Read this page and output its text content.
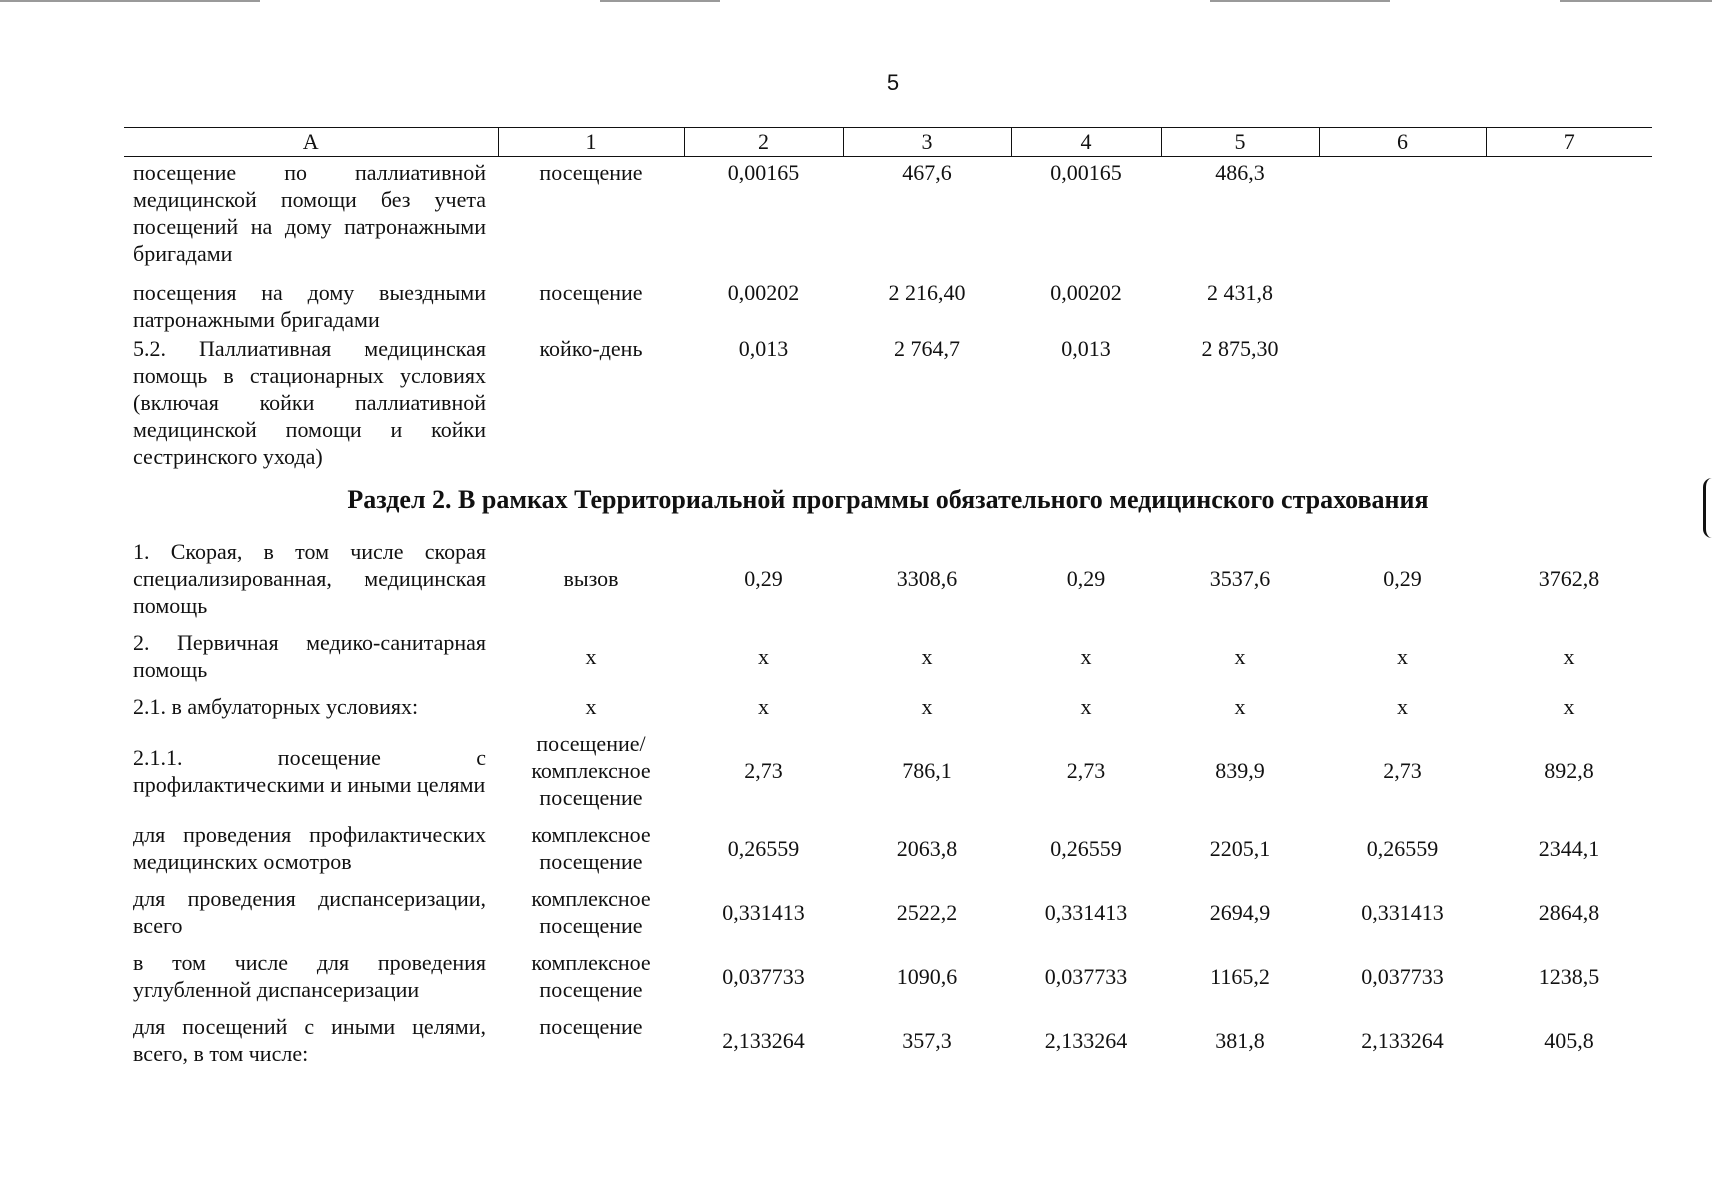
5
А	1	2	3	4	5	6	7
посещение по паллиативной медицинской помощи без учета посещений на дому патронажными бригадами	посещение	0,00165	467,6	0,00165	486,3		
посещения на дому выездными патронажными бригадами	посещение	0,00202	2 216,40	0,00202	2 431,8		
5.2. Паллиативная медицинская помощь в стационарных условиях (включая койки паллиативной медицинской помощи и койки сестринского ухода)	койко-день	0,013	2 764,7	0,013	2 875,30		
Раздел 2. В рамках Территориальной программы обязательного медицинского страхования							
1. Скорая, в том числе скорая специализированная, медицинская помощь	вызов	0,29	3308,6	0,29	3537,6	0,29	3762,8
2. Первичная медико-санитарная помощь	х	х	х	х	х	х	х
2.1. в амбулаторных условиях:	х	х	х	х	х	х	х
2.1.1. посещение с профилактическими и иными целями	посещение/ комплексное посещение	2,73	786,1	2,73	839,9	2,73	892,8
для проведения профилактических медицинских осмотров	комплексное посещение	0,26559	2063,8	0,26559	2205,1	0,26559	2344,1
для проведения диспансеризации, всего	комплексное посещение	0,331413	2522,2	0,331413	2694,9	0,331413	2864,8
в том числе для проведения углубленной диспансеризации	комплексное посещение	0,037733	1090,6	0,037733	1165,2	0,037733	1238,5
для посещений с иными целями, всего, в том числе:	посещение	2,133264	357,3	2,133264	381,8	2,133264	405,8
